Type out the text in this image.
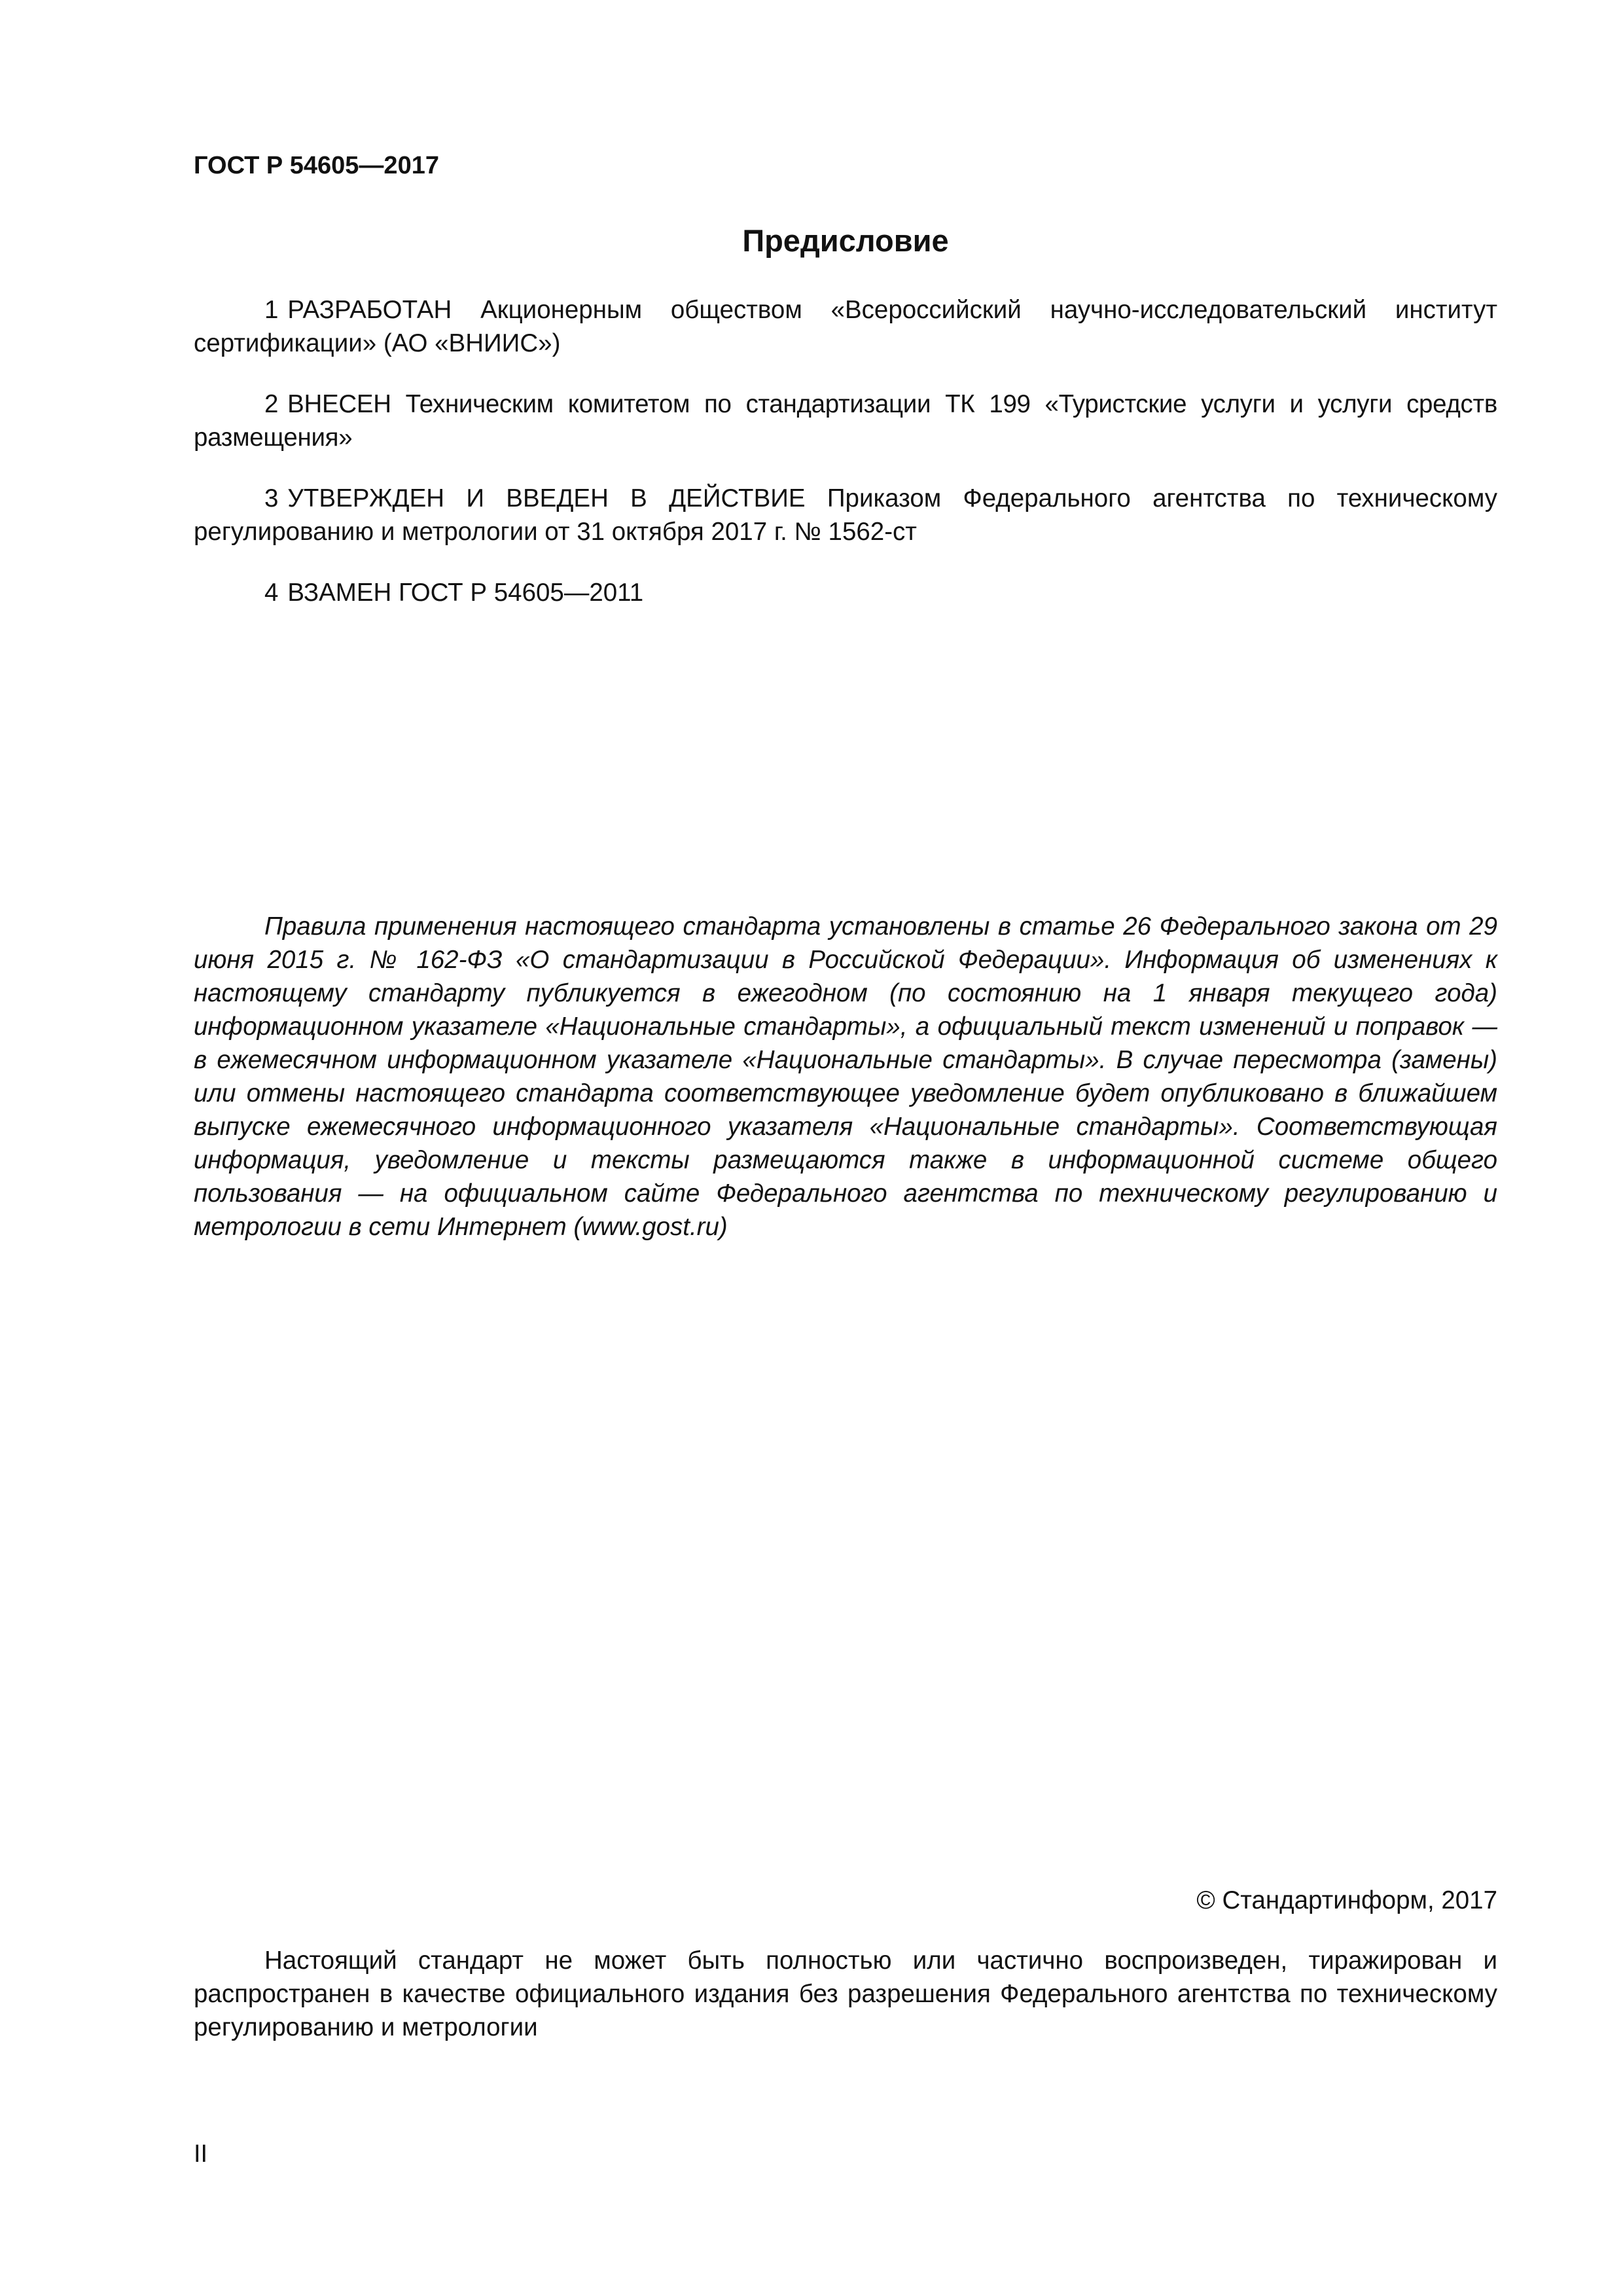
ГОСТ Р 54605—2017
Предисловие

1 РАЗРАБОТАН Акционерным обществом «Всероссийский научно-исследовательский институт сертификации» (АО «ВНИИС»)

2 ВНЕСЕН Техническим комитетом по стандартизации ТК 199 «Туристские услуги и услуги средств размещения»

3 УТВЕРЖДЕН И ВВЕДЕН В ДЕЙСТВИЕ Приказом Федерального агентства по техническому регулированию и метрологии от 31 октября 2017 г. № 1562-ст

4 ВЗАМЕН ГОСТ Р 54605—2011

Правила применения настоящего стандарта установлены в статье 26 Федерального закона от 29 июня 2015 г. № 162-ФЗ «О стандартизации в Российской Федерации». Информация об изменениях к настоящему стандарту публикуется в ежегодном (по состоянию на 1 января текущего года) информационном указателе «Национальные стандарты», а официальный текст изменений и поправок — в ежемесячном информационном указателе «Национальные стандарты». В случае пересмотра (замены) или отмены настоящего стандарта соответствующее уведомление будет опубликовано в ближайшем выпуске ежемесячного информационного указателя «Национальные стандарты». Соответствующая информация, уведомление и тексты размещаются также в информационной системе общего пользования — на официальном сайте Федерального агентства по техническому регулированию и метрологии в сети Интернет (www.gost.ru)

© Стандартинформ, 2017

Настоящий стандарт не может быть полностью или частично воспроизведен, тиражирован и распространен в качестве официального издания без разрешения Федерального агентства по техническому регулированию и метрологии

II
